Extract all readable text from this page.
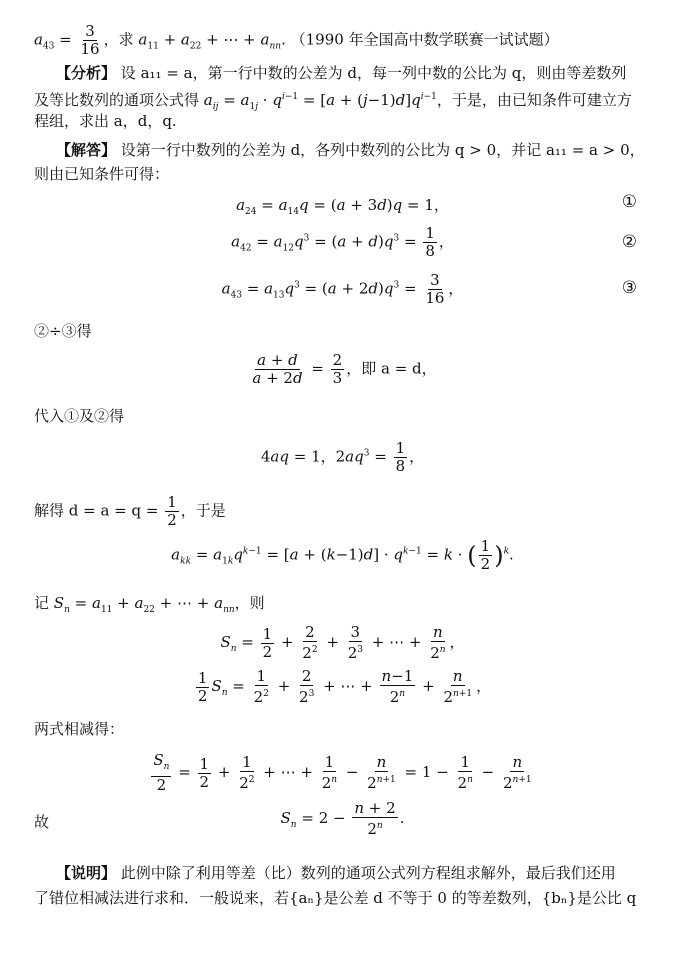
$a_{43} = \frac{3}{16}$ ，求 $a_{11} + a_{22}$ + ⋯ + $a_{nn}$. （1990 年全国高中数学联赛一试试题）
【分析】 设 a₁₁ = a，第一行中数的公差为 d，每一列中数的公比为 q，则由等差数列
及等比数列的通项公式得 $a_{ij} = a_{1j} \cdot q^{i-1} = [a + (j-1)d]q^{i-1}$，于是，由已知条件可建立方
程组，求出 a，d，q.
【解答】 设第一行中数列的公差为 d，各列中数列的公比为 q > 0，并记 a₁₁ = a > 0，
则由已知条件可得：
$a_{24} = a_{14}q = (a + 3d)q = 1$，	①
$a_{42} = a_{12}q^3 = (a + d)q^3 = \frac{1}{8}$ ，	②
$a_{43} = a_{13}q^3 = (a + 2d)q^3 = \frac{3}{16}$ ，	③
②÷③得
$\frac{a + d}{a + 2d} = \frac{2}{3}$ ，即 a = d，
代入①及②得
4aq = 1，$2aq^3 = \frac{1}{8}$ ，
解得 $d = a = q = \frac{1}{2}$ ，于是
$a_{kk} = a_{1k}q^{k-1} = [a + (k-1)d] \cdot q^{k-1} = k$ · ( $\frac{1}{2} )^k$.
记 $S_n = a_{11} + a_{22}$ + ⋯ + $a_{nn}$，则
$S_n = \frac{1}{2} + \frac{2}{2^2} + \frac{3}{2^3}$ + ⋯ + $\frac{n}{2^n}$ ，
$\frac{1}{2} S_n = \frac{1}{2^2} + \frac{2}{2^3}$ + ⋯ + $\frac{n-1}{2^n} + \frac{n}{2^{n+1}}$ ，
两式相减得：
$\frac{S_n}{2} = \frac{1}{2} + \frac{1}{2^2}$ + ⋯ + $\frac{1}{2^n} - \frac{n}{2^{n+1}} = 1 - \frac{1}{2^n} - \frac{n}{2^{n+1}}$
故	$S_n = 2 - \frac{n + 2}{2^n}$ .
【说明】 此例中除了利用等差（比）数列的通项公式列方程组求解外，最后我们还用
了错位相减法进行求和．一般说来，若{aₙ}是公差 d 不等于 0 的等差数列，{bₙ}是公比 q
